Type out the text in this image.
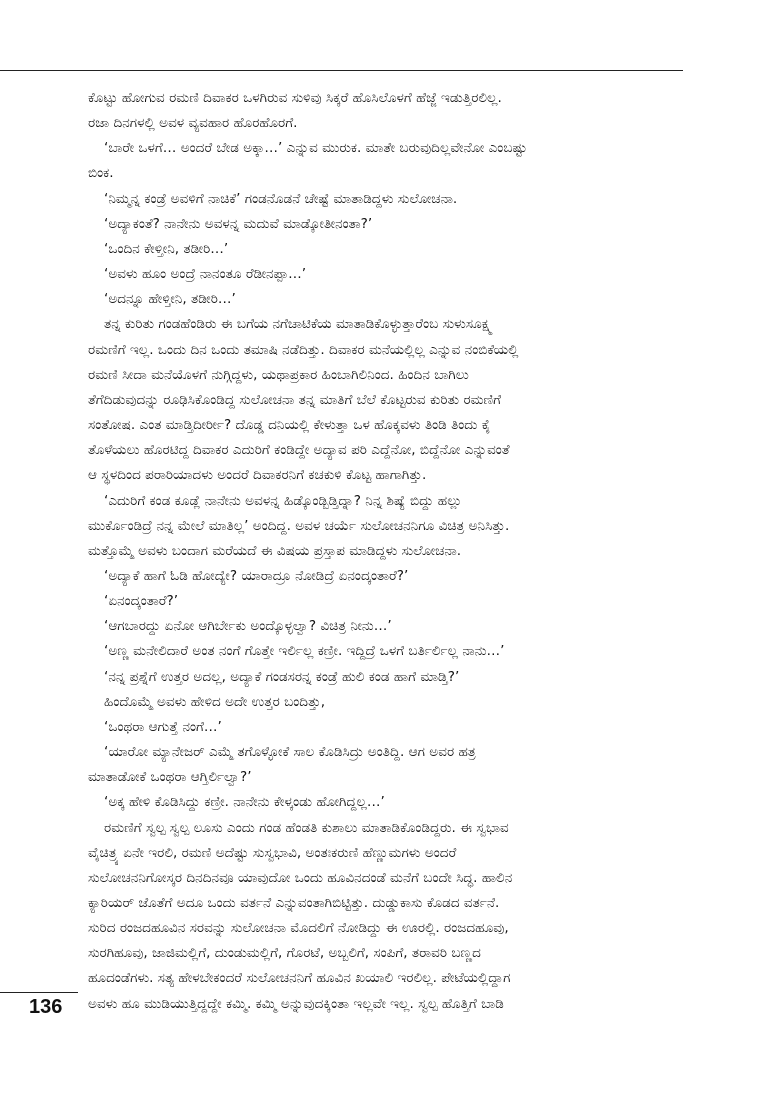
ಕೊಟ್ಟು ಹೋಗುವ ರಮಣಿ ದಿವಾಕರ ಒಳಗಿರುವ ಸುಳಿವು ಸಿಕ್ಕರೆ ಹೊಸಿಲೊಳಗೆ ಹೆಜ್ಜೆ ಇಡುತ್ತಿರಲಿಲ್ಲ.

ರಜಾ ದಿನಗಳಲ್ಲಿ ಅವಳ ವ್ಯವಹಾರ ಹೊರಹೊರಗೆ.

‘ಬಾರೇ ಒಳಗೆ… ಅಂದರೆ ಬೇಡ ಅಕ್ಕಾ…’ ಎನ್ನುವ ಮುರುಕ. ಮಾತೇ ಬರುವುದಿಲ್ಲವೇನೋ ಎಂಬಷ್ಟು

ಬಿಂಕ.

‘ನಿಮ್ಮನ್ನ ಕಂಡ್ರೆ ಅವಳಿಗೆ ನಾಚಿಕೆ’ ಗಂಡನೊಡನೆ ಚೇಷ್ಟೆ ಮಾತಾಡಿದ್ದಳು ಸುಲೋಚನಾ.

‘ಅದ್ಯಾಕಂತೆ? ನಾನೇನು ಅವಳನ್ನ ಮದುವೆ ಮಾಡ್ಕೋತೀನಂತಾ?’

‘ಒಂದಿನ ಕೇಳ್ತೀನಿ, ತಡೀರಿ…’

‘ಅವಳು ಹೂಂ ಅಂದ್ರೆ ನಾನಂತೂ ರೆಡೀನಪ್ಪಾ…’

‘ಅದನ್ನೂ ಹೇಳ್ತೀನಿ, ತಡೀರಿ…’

ತನ್ನ ಕುರಿತು ಗಂಡಹೆಂಡಿರು ಈ ಬಗೆಯ ನಗೆಚಾಟಿಕೆಯ ಮಾತಾಡಿಕೊಳ್ಳುತ್ತಾರೆಂಬ ಸುಳುಸೂಕ್ಷ್ಮ

ರಮಣಿಗೆ ಇಲ್ಲ. ಒಂದು ದಿನ ಒಂದು ತಮಾಷಿ ನಡೆದಿತ್ತು. ದಿವಾಕರ ಮನೆಯಲ್ಲಿಲ್ಲ ಎನ್ನುವ ನಂಬಿಕೆಯಲ್ಲಿ

ರಮಣಿ ಸೀದಾ ಮನೆಯೊಳಗೆ ನುಗ್ಗಿದ್ದಳು, ಯಥಾಪ್ರಕಾರ ಹಿಂಬಾಗಿಲಿನಿಂದ. ಹಿಂದಿನ ಬಾಗಿಲು

ತೆಗೆದಿಡುವುದನ್ನು ರೂಢಿಸಿಕೊಂಡಿದ್ದ ಸುಲೋಚನಾ ತನ್ನ ಮಾತಿಗೆ ಬೆಲೆ ಕೊಟ್ಟರುವ ಕುರಿತು ರಮಣಿಗೆ

ಸಂತೋಷ. ಎಂತ ಮಾಡ್ತಿದೀರ್ರೀ? ದೊಡ್ಡ ದನಿಯಲ್ಲಿ ಕೇಳುತ್ತಾ ಒಳ ಹೊಕ್ಕವಳು ತಿಂಡಿ ತಿಂದು ಕೈ

ತೊಳೆಯಲು ಹೊರಟಿದ್ದ ದಿವಾಕರ ಎದುರಿಗೆ ಕಂಡಿದ್ದೇ ಅದ್ಯಾವ ಪರಿ ಎದ್ದೆನೋ, ಬಿದ್ದೆನೋ ಎನ್ನುವಂತೆ

ಆ ಸ್ಥಳದಿಂದ ಪರಾರಿಯಾದಳು ಅಂದರೆ ದಿವಾಕರನಿಗೆ ಕಚಕುಳಿ ಕೊಟ್ಟ ಹಾಗಾಗಿತ್ತು.

‘ಎದುರಿಗೆ ಕಂಡ ಕೂಡ್ಲೆ ನಾನೇನು ಅವಳನ್ನ ಹಿಡ್ಕೊಂಡ್ಬಿಡ್ತಿದ್ನಾ? ನಿನ್ನ ಶಿಷ್ಯೆ ಬಿದ್ದು ಹಲ್ಲು

ಮುರ್ಕೊಂಡಿದ್ರೆ ನನ್ನ ಮೇಲೆ ಮಾತಿಲ್ಲ’ ಅಂದಿದ್ದ. ಅವಳ ಚರ್ಯೆ ಸುಲೋಚನನಿಗೂ ವಿಚಿತ್ರ ಅನಿಸಿತ್ತು.

ಮತ್ತೊಮ್ಮೆ ಅವಳು ಬಂದಾಗ ಮರೆಯದೆ ಈ ವಿಷಯ ಪ್ರಸ್ತಾಪ ಮಾಡಿದ್ದಳು ಸುಲೋಚನಾ.

‘ಅದ್ಯಾಕೆ ಹಾಗೆ ಓಡಿ ಹೋದ್ಯೇ? ಯಾರಾದ್ರೂ ನೋಡಿದ್ರೆ ಏನಂದ್ಕಂತಾರೆ?’

‘ಏನಂದ್ಕಂತಾರೆ?’

‘ಆಗಬಾರದ್ದು ಏನೋ ಆಗಿರ್ಬೇಕು ಅಂದ್ಕೊಳ್ಳಲ್ವಾ? ವಿಚಿತ್ರ ನೀನು…’

‘ಅಣ್ಣ ಮನೇಲಿದಾರೆ ಅಂತ ನಂಗೆ ಗೊತ್ತೇ ಇರ್ಲಿಲ್ಲ ಕಣ್ರೀ. ಇದ್ದಿದ್ರೆ ಒಳಗೆ ಬರ್ತಿರ್ಲಿಲ್ಲ ನಾನು…’

‘ನನ್ನ ಪ್ರಶ್ನೆಗೆ ಉತ್ತರ ಅದಲ್ಲ, ಅದ್ಯಾಕೆ ಗಂಡಸರನ್ನ ಕಂಡ್ರೆ ಹುಲಿ ಕಂಡ ಹಾಗೆ ಮಾಡ್ತಿ?’

ಹಿಂದೊಮ್ಮೆ ಅವಳು ಹೇಳಿದ ಅದೇ ಉತ್ತರ ಬಂದಿತ್ತು,

‘ಒಂಥರಾ ಆಗುತ್ತೆ ನಂಗೆ…’

‘ಯಾರೋ ಮ್ಯಾನೇಜರ್ ಎಮ್ಮೆ ತಗೊಳ್ಳೋಕೆ ಸಾಲ ಕೊಡಿಸಿದ್ರು ಅಂತಿದ್ದಿ. ಆಗ ಅವರ ಹತ್ರ

ಮಾತಾಡೋಕೆ ಒಂಥರಾ ಆಗ್ತಿರ್ಲಿಲ್ವಾ?’

‘ಅಕ್ಕ ಹೇಳಿ ಕೊಡಿಸಿದ್ದು ಕಣ್ರೀ. ನಾನೇನು ಕೇಳ್ಕಂಡು ಹೋಗಿದ್ದಲ್ಲ…’

ರಮಣಿಗೆ ಸ್ವಲ್ಪ ಸ್ವಲ್ಪ ಲೂಸು ಎಂದು ಗಂಡ ಹೆಂಡತಿ ಕುಶಾಲು ಮಾತಾಡಿಕೊಂಡಿದ್ದರು. ಈ ಸ್ವಭಾವ

ವೈಚಿತ್ರ್ಯ ಏನೇ ಇರಲಿ, ರಮಣಿ ಅದೆಷ್ಟು ಸುಸ್ವಭಾವಿ, ಅಂತಃಕರುಣಿ ಹೆಣ್ಣುಮಗಳು ಅಂದರೆ

ಸುಲೋಚನನಿಗೋಸ್ಕರ ದಿನದಿನವೂ ಯಾವುದೋ ಒಂದು ಹೂವಿನದಂಡೆ ಮನೆಗೆ ಬಂದೇ ಸಿದ್ಧ. ಹಾಲಿನ

ಕ್ಯಾರಿಯರ್ ಜೊತೆಗೆ ಅದೂ ಒಂದು ವರ್ತನೆ ಎನ್ನುವಂತಾಗಿಬಿಟ್ಟಿತ್ತು. ದುಡ್ಡುಕಾಸು ಕೊಡದ ವರ್ತನೆ.

ಸುರಿದ ರಂಜದಹೂವಿನ ಸರವನ್ನು ಸುಲೋಚನಾ ಮೊದಲಿಗೆ ನೋಡಿದ್ದು ಈ ಊರಲ್ಲಿ. ರಂಜದಹೂವು,

ಸುರಗಿಹೂವು, ಜಾಜಿಮಲ್ಲಿಗೆ, ದುಂಡುಮಲ್ಲಿಗೆ, ಗೊರಟೆ, ಅಬ್ಬಲಿಗೆ, ಸಂಪಿಗೆ, ತರಾವರಿ ಬಣ್ಣದ

ಹೂದಂಡೆಗಳು. ಸತ್ಯ ಹೇಳಬೇಕಂದರೆ ಸುಲೋಚನನಿಗೆ ಹೂವಿನ ಖಯಾಲಿ ಇರಲಿಲ್ಲ. ಪೇಟೆಯಲ್ಲಿದ್ದಾಗ

ಅವಳು ಹೂ ಮುಡಿಯುತ್ತಿದ್ದದ್ದೇ ಕಮ್ಮಿ. ಕಮ್ಮಿ ಅನ್ನುವುದಕ್ಕಿಂತಾ ಇಲ್ಲವೇ ಇಲ್ಲ. ಸ್ವಲ್ಪ ಹೊತ್ತಿಗೆ ಬಾಡಿ

136
